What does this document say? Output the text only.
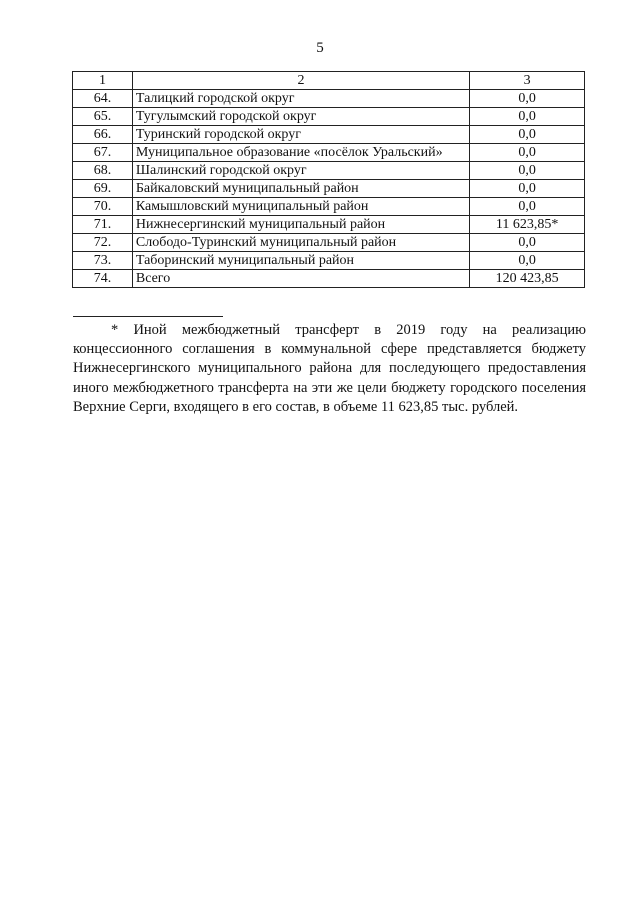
5
1	2	3
64.	Талицкий городской округ	0,0
65.	Тугулымский городской округ	0,0
66.	Туринский городской округ	0,0
67.	Муниципальное образование «посёлок Уральский»	0,0
68.	Шалинский городской округ	0,0
69.	Байкаловский муниципальный район	0,0
70.	Камышловский муниципальный район	0,0
71.	Нижнесергинский муниципальный район	11 623,85*
72.	Слободо-Туринский муниципальный район	0,0
73.	Таборинский муниципальный район	0,0
74.	Всего	120 423,85

* Иной межбюджетный трансферт в 2019 году на реализацию концессионного соглашения в коммунальной сфере представляется бюджету Нижнесергинского муниципального района для последующего предоставления иного межбюджетного трансферта на эти же цели бюджету городского поселения Верхние Серги, входящего в его состав, в объеме 11 623,85 тыс. рублей.
